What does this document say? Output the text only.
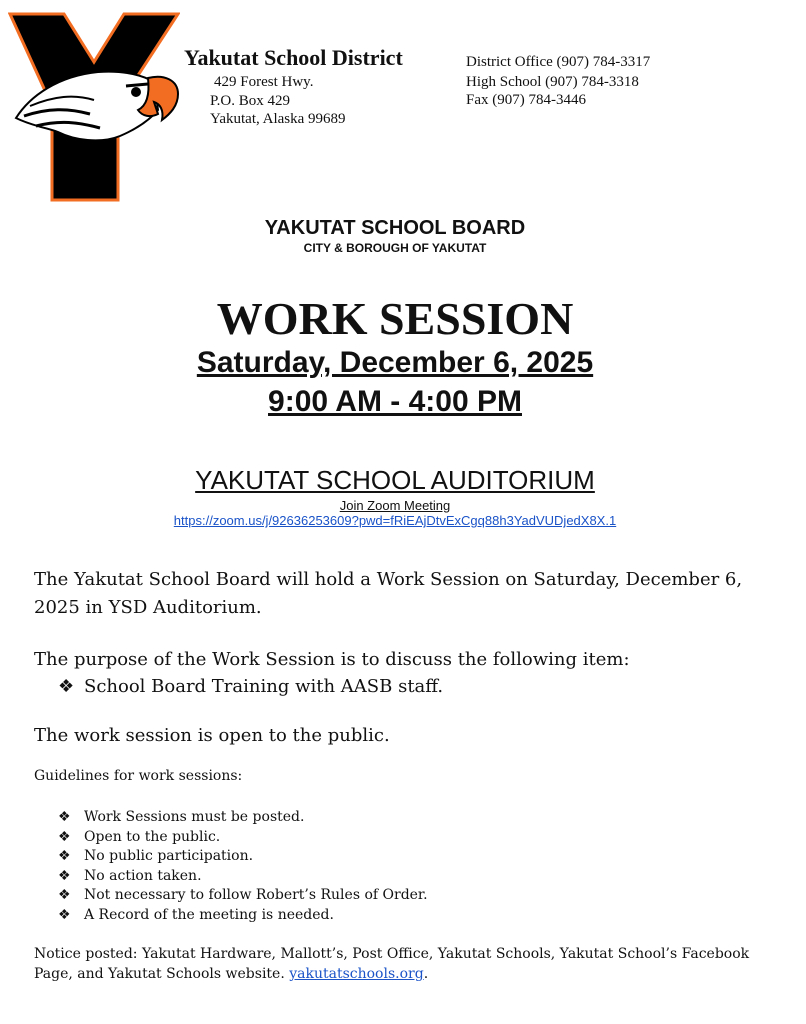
Yakutat School District
429 Forest Hwy.
P.O. Box 429
Yakutat, Alaska 99689
District Office (907) 784-3317
High School (907) 784-3318
Fax (907) 784-3446
YAKUTAT SCHOOL BOARD
CITY & BOROUGH OF YAKUTAT
WORK SESSION
Saturday, December 6, 2025
9:00 AM - 4:00 PM
YAKUTAT SCHOOL AUDITORIUM
Join Zoom Meeting
https://zoom.us/j/92636253609?pwd=fRiEAjDtvExCgq88h3YadVUDjedX8X.1
The Yakutat School Board will hold a Work Session on Saturday, December 6, 2025 in YSD Auditorium.
The purpose of the Work Session is to discuss the following item:
❖ School Board Training with AASB staff.
The work session is open to the public.
Guidelines for work sessions:
❖ Work Sessions must be posted.
❖ Open to the public.
❖ No public participation.
❖ No action taken.
❖ Not necessary to follow Robert’s Rules of Order.
❖ A Record of the meeting is needed.
Notice posted: Yakutat Hardware, Mallott’s, Post Office, Yakutat Schools, Yakutat School’s Facebook Page, and Yakutat Schools website. yakutatschools.org.
